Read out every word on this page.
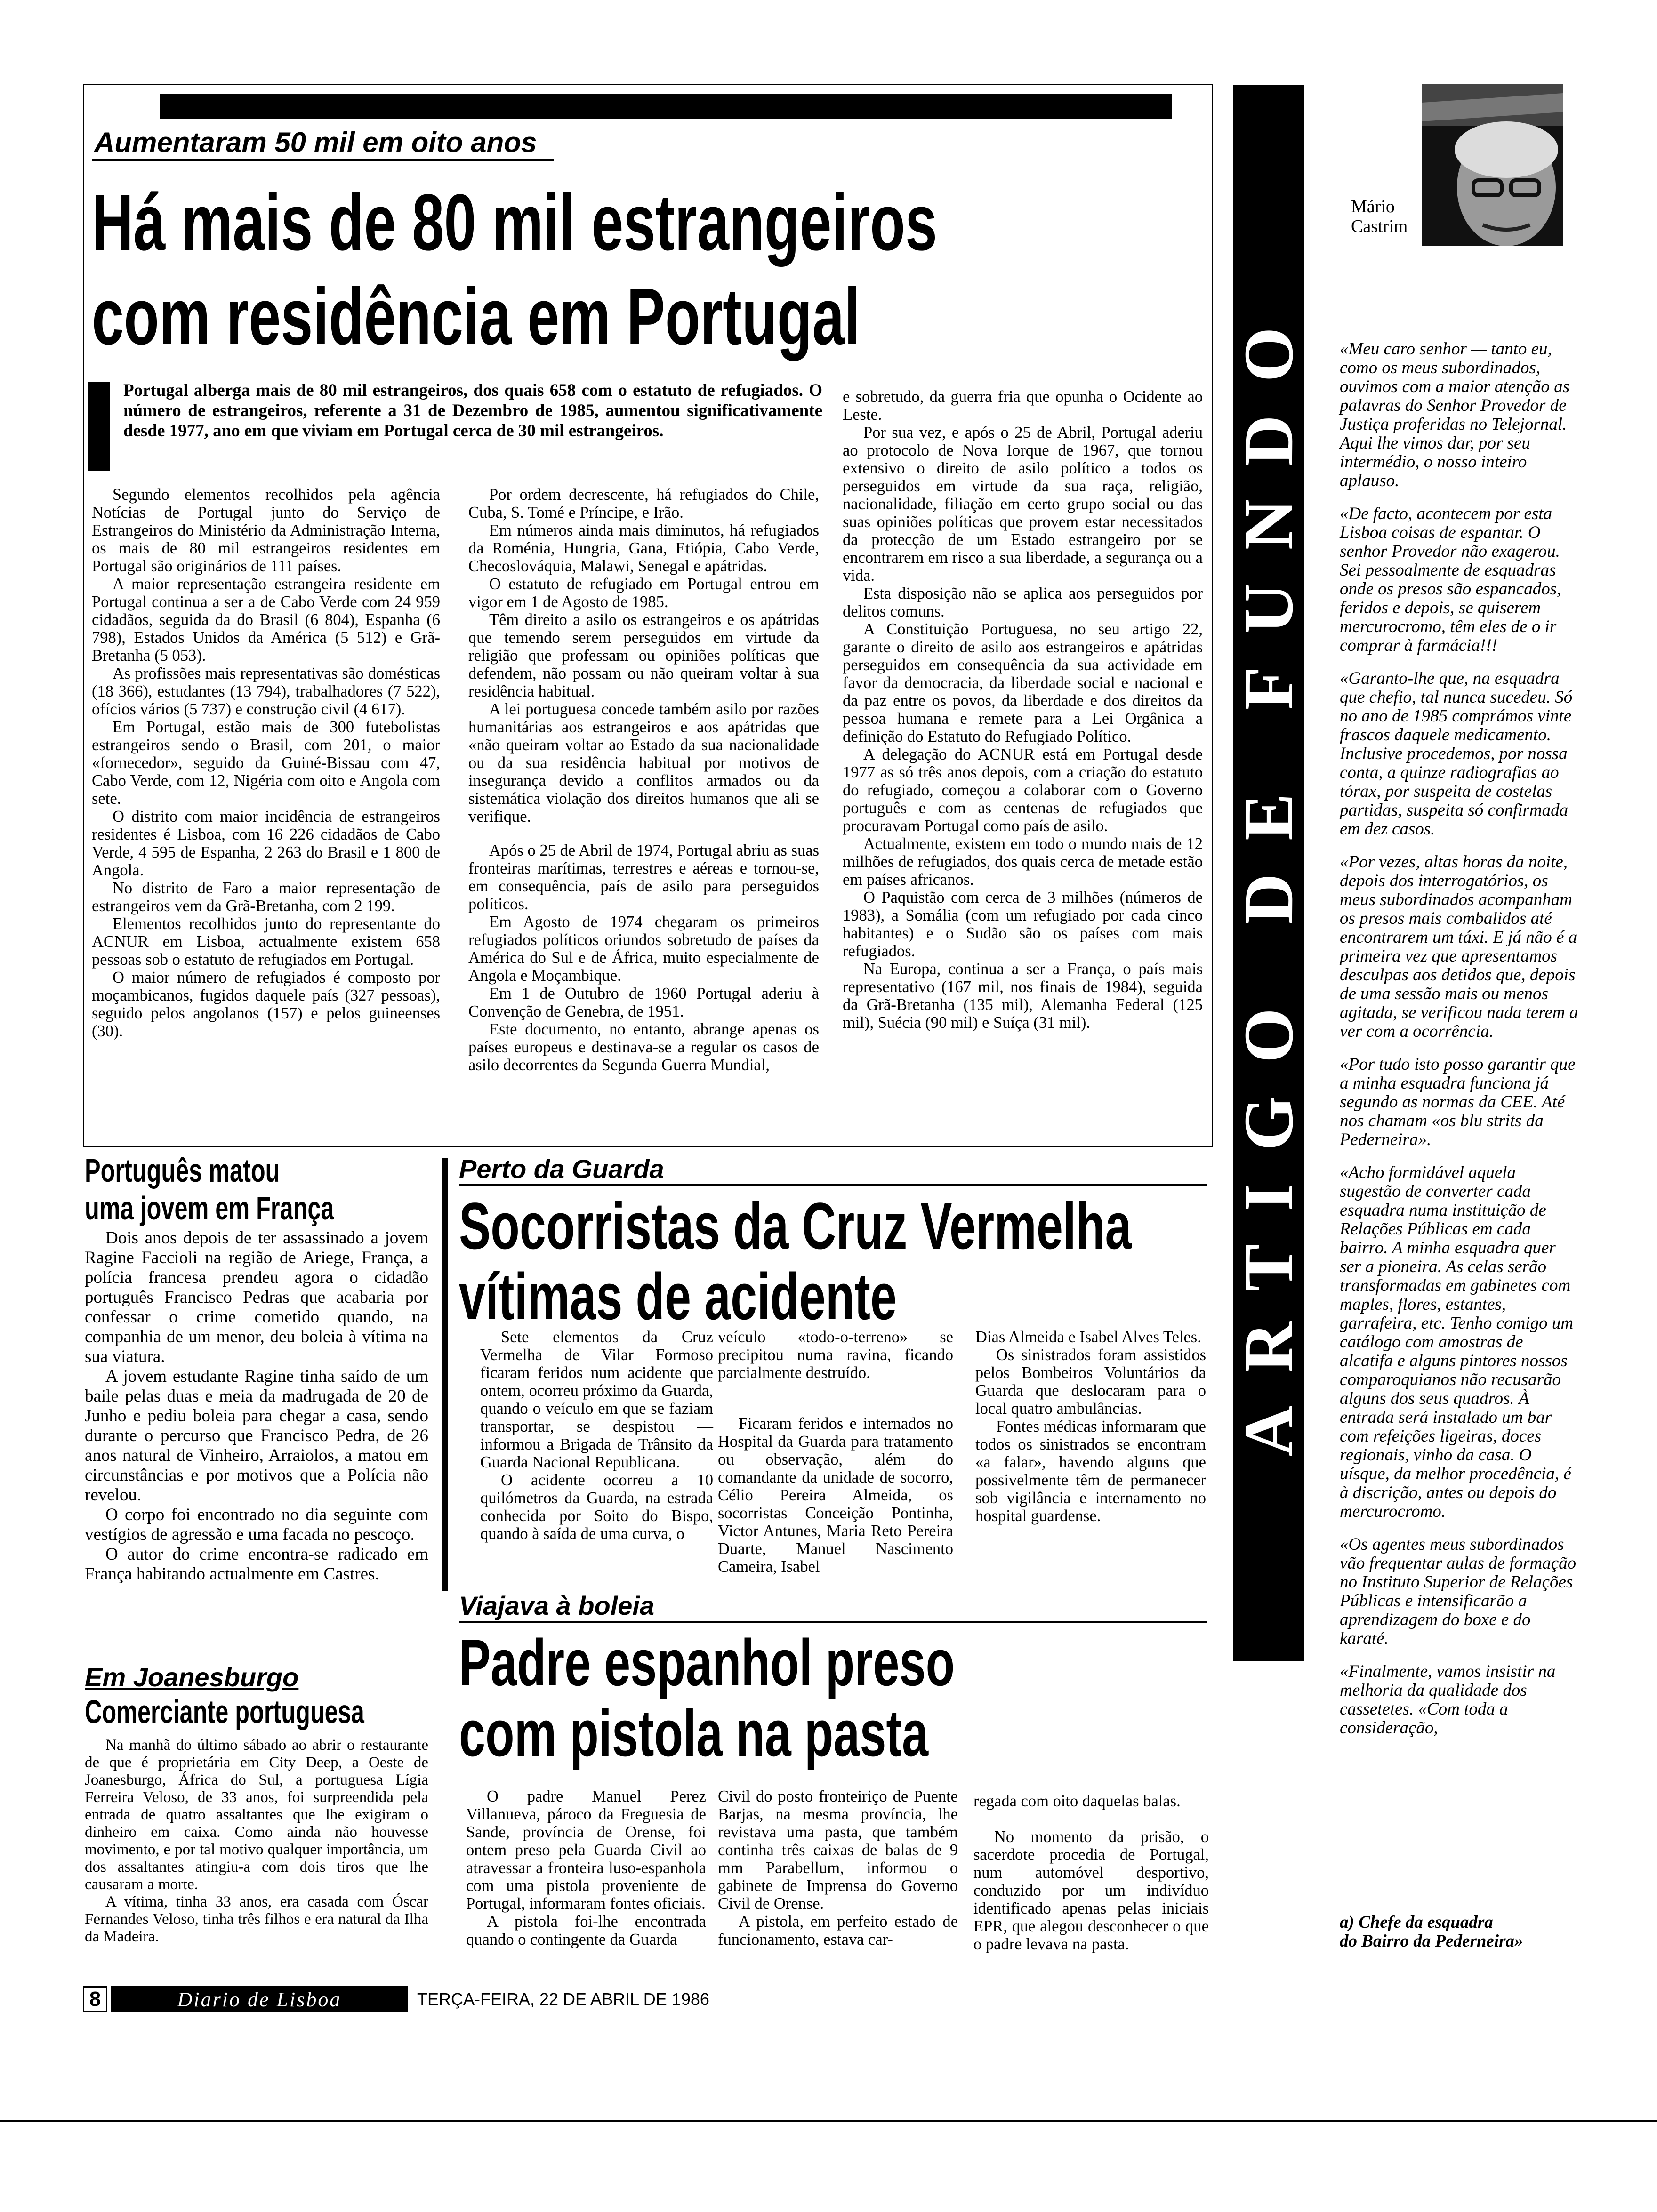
Aumentaram 50 mil em oito anos
Há mais de 80 mil estrangeiros
com residência em Portugal
Portugal alberga mais de 80 mil estrangeiros, dos quais 658 com o estatuto de refugiados. O número de estrangeiros, referente a 31 de Dezembro de 1985, aumentou significativamente desde 1977, ano em que viviam em Portugal cerca de 30 mil estrangeiros.

Segundo elementos recolhidos pela agência Notícias de Portugal junto do Serviço de Estrangeiros do Ministério da Administração Interna, os mais de 80 mil estrangeiros residentes em Portugal são originários de 111 países.

A maior representação estrangeira residente em Portugal continua a ser a de Cabo Verde com 24 959 cidadãos, seguida da do Brasil (6 804), Espanha (6 798), Estados Unidos da América (5 512) e Grã-Bretanha (5 053).

As profissões mais representativas são domésticas (18 366), estudantes (13 794), trabalhadores (7 522), ofícios vários (5 737) e construção civil (4 617).

Em Portugal, estão mais de 300 futebolistas estrangeiros sendo o Brasil, com 201, o maior «fornecedor», seguido da Guiné-Bissau com 47, Cabo Verde, com 12, Nigéria com oito e Angola com sete.

O distrito com maior incidência de estrangeiros residentes é Lisboa, com 16 226 cidadãos de Cabo Verde, 4 595 de Espanha, 2 263 do Brasil e 1 800 de Angola.

No distrito de Faro a maior representação de estrangeiros vem da Grã-Bretanha, com 2 199.

Elementos recolhidos junto do representante do ACNUR em Lisboa, actualmente existem 658 pessoas sob o estatuto de refugiados em Portugal.

O maior número de refugiados é composto por moçambicanos, fugidos daquele país (327 pessoas), seguido pelos angolanos (157) e pelos guineenses (30).

Por ordem decrescente, há refugiados do Chile, Cuba, S. Tomé e Príncipe, e Irão.

Em números ainda mais diminutos, há refugiados da Roménia, Hungria, Gana, Etiópia, Cabo Verde, Checoslováquia, Malawi, Senegal e apátridas.

O estatuto de refugiado em Portugal entrou em vigor em 1 de Agosto de 1985.

Têm direito a asilo os estrangeiros e os apátridas que temendo serem perseguidos em virtude da religião que professam ou opiniões políticas que defendem, não possam ou não queiram voltar à sua residência habitual.

A lei portuguesa concede também asilo por razões humanitárias aos estrangeiros e aos apátridas que «não queiram voltar ao Estado da sua nacionalidade ou da sua residência habitual por motivos de insegurança devido a conflitos armados ou da sistemática violação dos direitos humanos que ali se verifique.

Após o 25 de Abril de 1974, Portugal abriu as suas fronteiras marítimas, terrestres e aéreas e tornou-se, em consequência, país de asilo para perseguidos políticos.

Em Agosto de 1974 chegaram os primeiros refugiados políticos oriundos sobretudo de países da América do Sul e de África, muito especialmente de Angola e Moçambique.

Em 1 de Outubro de 1960 Portugal aderiu à Convenção de Genebra, de 1951.

Este documento, no entanto, abrange apenas os países europeus e destinava-se a regular os casos de asilo decorrentes da Segunda Guerra Mundial,

e sobretudo, da guerra fria que opunha o Ocidente ao Leste.

Por sua vez, e após o 25 de Abril, Portugal aderiu ao protocolo de Nova Iorque de 1967, que tornou extensivo o direito de asilo político a todos os perseguidos em virtude da sua raça, religião, nacionalidade, filiação em certo grupo social ou das suas opiniões políticas que provem estar necessitados da protecção de um Estado estrangeiro por se encontrarem em risco a sua liberdade, a segurança ou a vida.

Esta disposição não se aplica aos perseguidos por delitos comuns.

A Constituição Portuguesa, no seu artigo 22, garante o direito de asilo aos estrangeiros e apátridas perseguidos em consequência da sua actividade em favor da democracia, da liberdade social e nacional e da paz entre os povos, da liberdade e dos direitos da pessoa humana e remete para a Lei Orgânica a definição do Estatuto do Refugiado Político.

A delegação do ACNUR está em Portugal desde 1977 as só três anos depois, com a criação do estatuto do refugiado, começou a colaborar com o Governo português e com as centenas de refugiados que procuravam Portugal como país de asilo.

Actualmente, existem em todo o mundo mais de 12 milhões de refugiados, dos quais cerca de metade estão em países africanos.

O Paquistão com cerca de 3 milhões (números de 1983), a Somália (com um refugiado por cada cinco habitantes) e o Sudão são os países com mais refugiados.

Na Europa, continua a ser a França, o país mais representativo (167 mil, nos finais de 1984), seguida da Grã-Bretanha (135 mil), Alemanha Federal (125 mil), Suécia (90 mil) e Suíça (31 mil).

Português matou
uma jovem em França

Dois anos depois de ter assassinado a jovem Ragine Faccioli na região de Ariege, França, a polícia francesa prendeu agora o cidadão português Francisco Pedras que acabaria por confessar o crime cometido quando, na companhia de um menor, deu boleia à vítima na sua viatura.

A jovem estudante Ragine tinha saído de um baile pelas duas e meia da madrugada de 20 de Junho e pediu boleia para chegar a casa, sendo durante o percurso que Francisco Pedra, de 26 anos natural de Vinheiro, Arraiolos, a matou em circunstâncias e por motivos que a Polícia não revelou.

O corpo foi encontrado no dia seguinte com vestígios de agressão e uma facada no pescoço.

O autor do crime encontra-se radicado em França habitando actualmente em Castres.

Em Joanesburgo
Comerciante portuguesa

Na manhã do último sábado ao abrir o restaurante de que é proprietária em City Deep, a Oeste de Joanesburgo, África do Sul, a portuguesa Lígia Ferreira Veloso, de 33 anos, foi surpreendida pela entrada de quatro assaltantes que lhe exigiram o dinheiro em caixa. Como ainda não houvesse movimento, e por tal motivo qualquer importância, um dos assaltantes atingiu-a com dois tiros que lhe causaram a morte.

A vítima, tinha 33 anos, era casada com Óscar Fernandes Veloso, tinha três filhos e era natural da Ilha da Madeira.

Perto da Guarda
Socorristas da Cruz Vermelha
vítimas de acidente

Sete elementos da Cruz Vermelha de Vilar Formoso ficaram feridos num acidente que ontem, ocorreu próximo da Guarda, quando o veículo em que se faziam transportar, se despistou — informou a Brigada de Trânsito da Guarda Nacional Republicana.

O acidente ocorreu a 10 quilómetros da Guarda, na estrada conhecida por Soito do Bispo, quando à saída de uma curva, o

veículo «todo-o-terreno» se precipitou numa ravina, ficando parcialmente destruído.

Ficaram feridos e internados no Hospital da Guarda para tratamento ou observação, além do comandante da unidade de socorro, Célio Pereira Almeida, os socorristas Conceição Pontinha, Victor Antunes, Maria Reto Pereira Duarte, Manuel Nascimento Cameira, Isabel

Dias Almeida e Isabel Alves Teles.

Os sinistrados foram assistidos pelos Bombeiros Voluntários da Guarda que deslocaram para o local quatro ambulâncias.

Fontes médicas informaram que todos os sinistrados se encontram «a falar», havendo alguns que possivelmente têm de permanecer sob vigilância e internamento no hospital guardense.

Viajava à boleia
Padre espanhol preso
com pistola na pasta

O padre Manuel Perez Villanueva, pároco da Freguesia de Sande, província de Orense, foi ontem preso pela Guarda Civil ao atravessar a fronteira luso-espanhola com uma pistola proveniente de Portugal, informaram fontes oficiais.

A pistola foi-lhe encontrada quando o contingente da Guarda

Civil do posto fronteiriço de Puente Barjas, na mesma província, lhe revistava uma pasta, que também continha três caixas de balas de 9 mm Parabellum, informou o gabinete de Imprensa do Governo Civil de Orense.

A pistola, em perfeito estado de funcionamento, estava car-

regada com oito daquelas balas.

No momento da prisão, o sacerdote procedia de Portugal, num automóvel desportivo, conduzido por um indivíduo identificado apenas pelas iniciais EPR, que alegou desconhecer o que o padre levava na pasta.

ARTIGO DE FUNDO
Mário
Castrim

«Meu caro senhor — tanto eu, como os meus subordinados, ouvimos com a maior atenção as palavras do Senhor Provedor de Justiça proferidas no Telejornal. Aqui lhe vimos dar, por seu intermédio, o nosso inteiro aplauso.

«De facto, acontecem por esta Lisboa coisas de espantar. O senhor Provedor não exagerou. Sei pessoalmente de esquadras onde os presos são espancados, feridos e depois, se quiserem mercurocromo, têm eles de o ir comprar à farmácia!!!

«Garanto-lhe que, na esquadra que chefio, tal nunca sucedeu. Só no ano de 1985 comprámos vinte frascos daquele medicamento. Inclusive procedemos, por nossa conta, a quinze radiografias ao tórax, por suspeita de costelas partidas, suspeita só confirmada em dez casos.

«Por vezes, altas horas da noite, depois dos interrogatórios, os meus subordinados acompanham os presos mais combalidos até encontrarem um táxi. E já não é a primeira vez que apresentamos desculpas aos detidos que, depois de uma sessão mais ou menos agitada, se verificou nada terem a ver com a ocorrência.

«Por tudo isto posso garantir que a minha esquadra funciona já segundo as normas da CEE. Até nos chamam «os blu strits da Pederneira».

«Acho formidável aquela sugestão de converter cada esquadra numa instituição de Relações Públicas em cada bairro. A minha esquadra quer ser a pioneira. As celas serão transformadas em gabinetes com maples, flores, estantes, garrafeira, etc. Tenho comigo um catálogo com amostras de alcatifa e alguns pintores nossos comparoquianos não recusarão alguns dos seus quadros. À entrada será instalado um bar com refeições ligeiras, doces regionais, vinho da casa. O uísque, da melhor procedência, é à discrição, antes ou depois do mercurocromo.

«Os agentes meus subordinados vão frequentar aulas de formação no Instituto Superior de Relações Públicas e intensificarão a aprendizagem do boxe e do karaté.

«Finalmente, vamos insistir na melhoria da qualidade dos cassetetes. «Com toda a consideração,

a) Chefe da esquadra

do Bairro da Pederneira»

8	Diario de Lisboa	TERÇA-FEIRA, 22 DE ABRIL DE 1986
